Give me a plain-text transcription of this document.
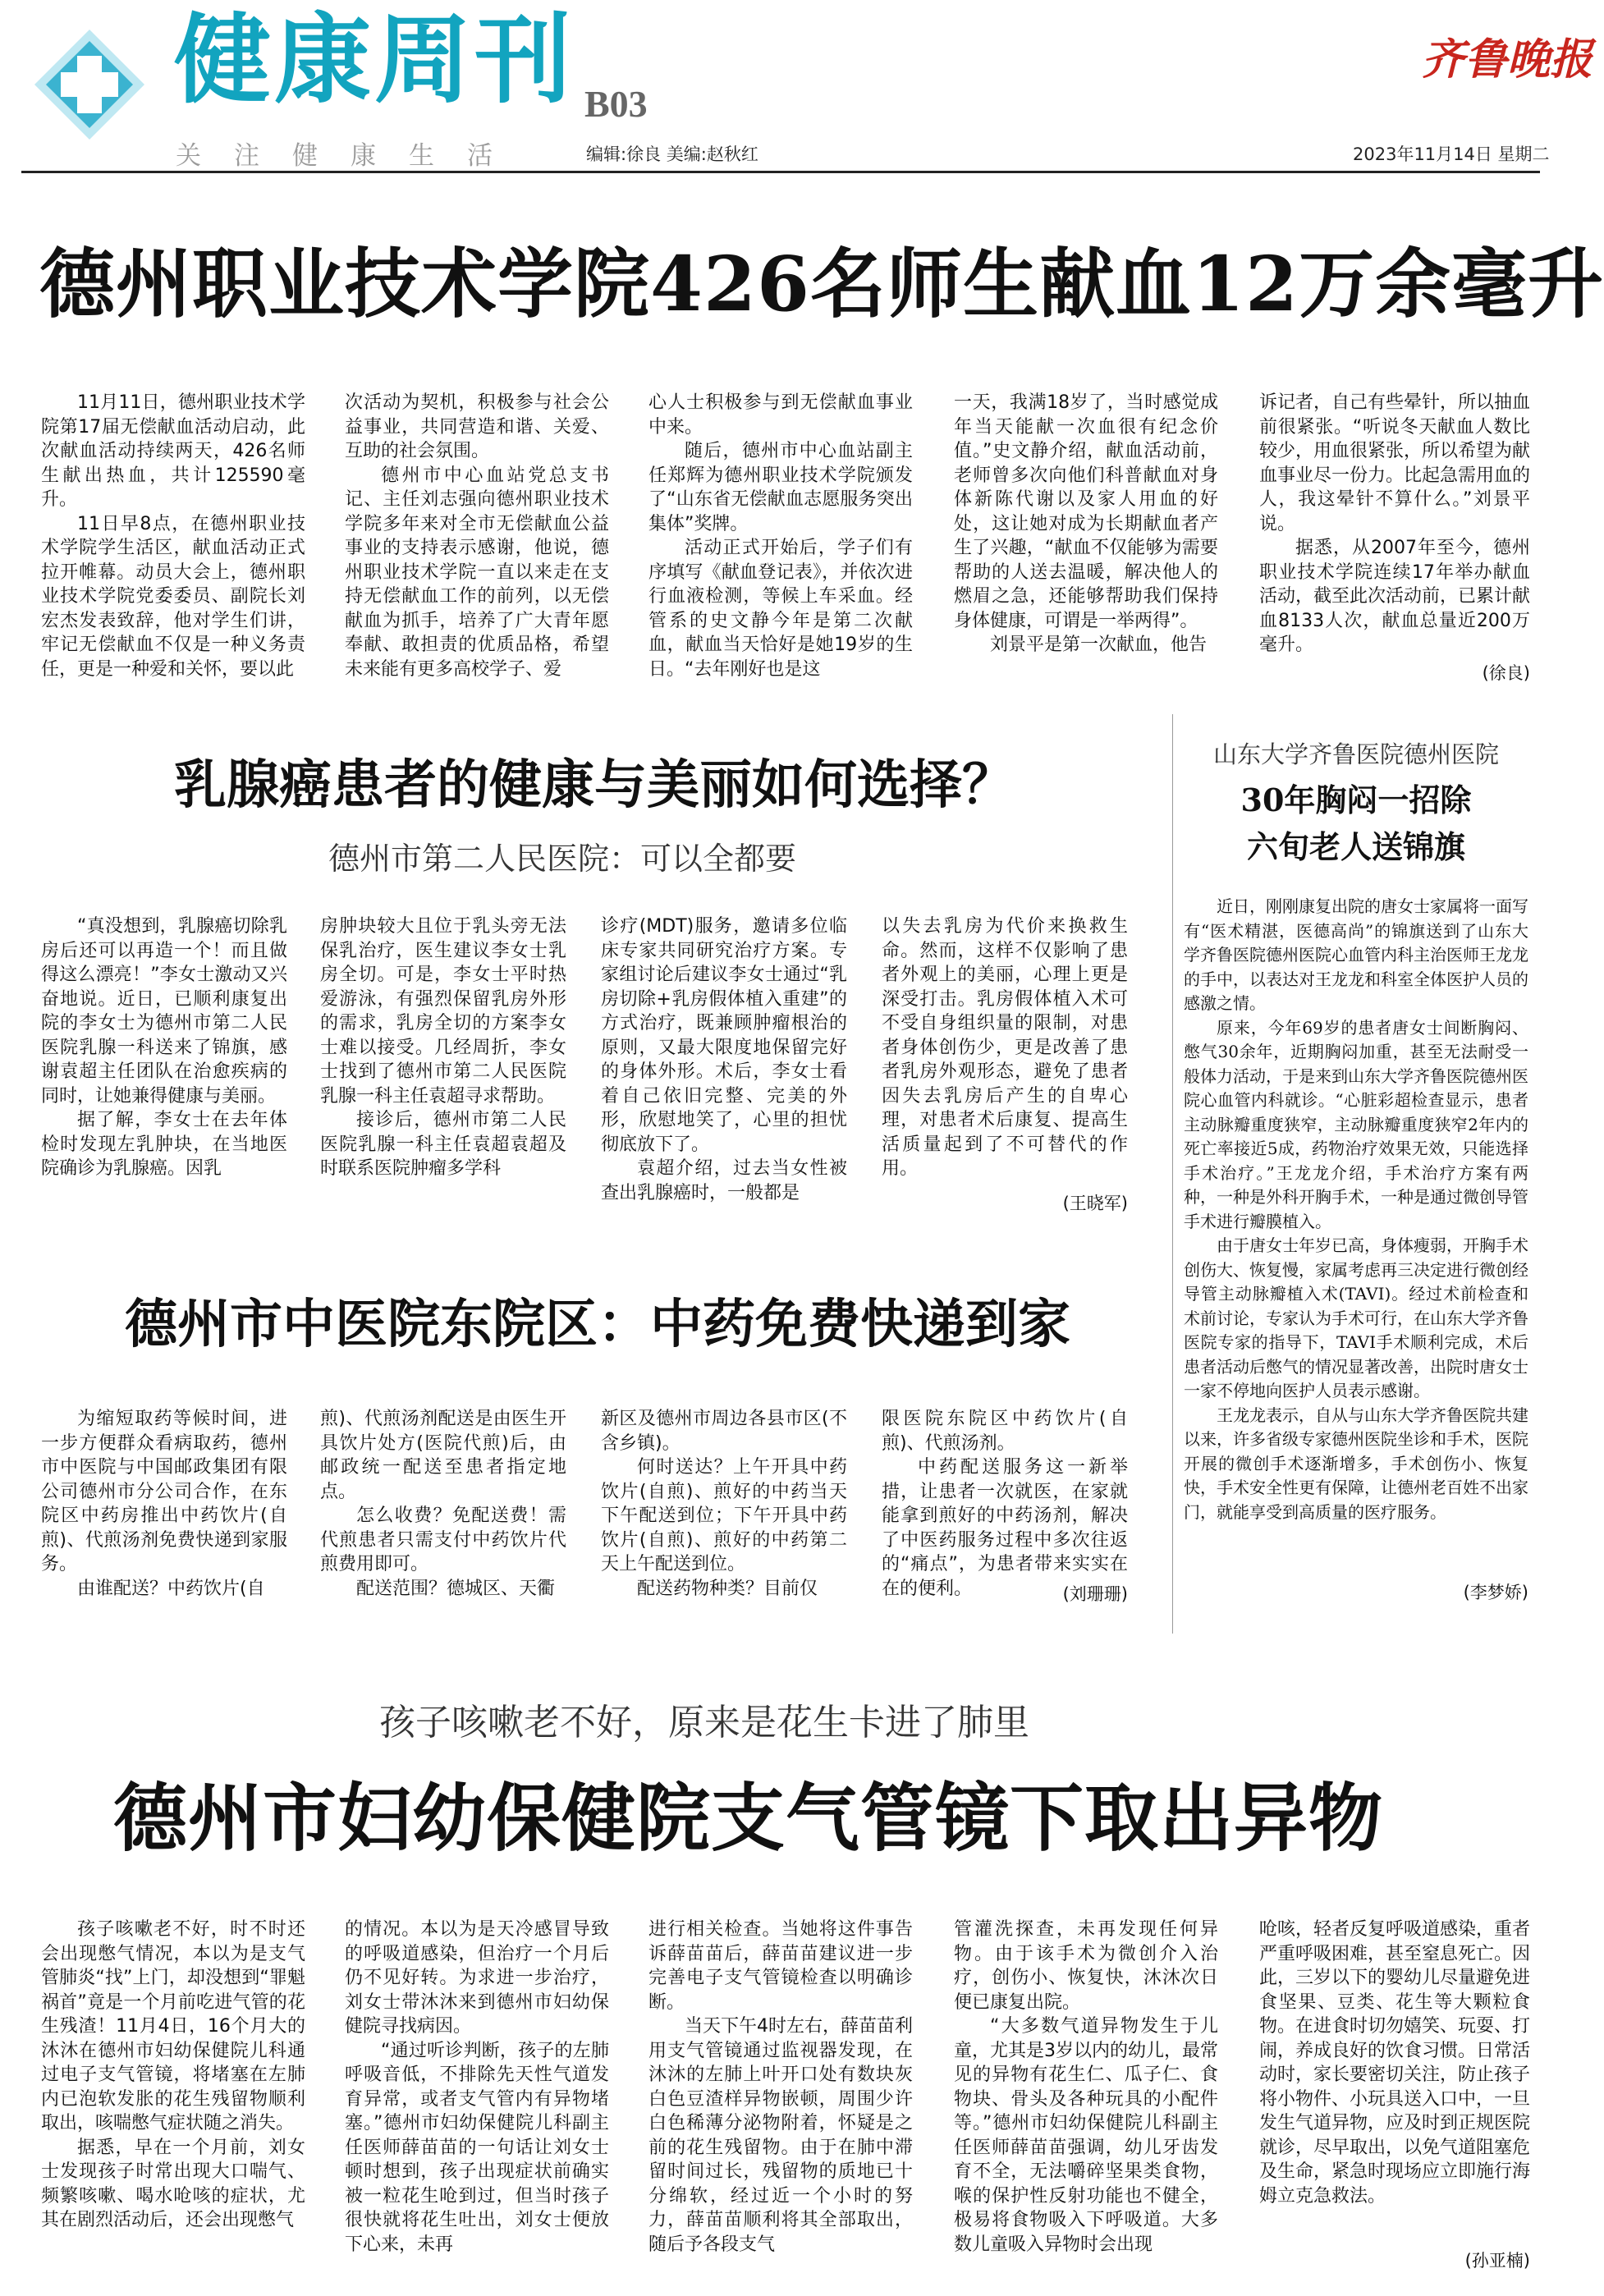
健康周刊 B03
关注健康生活	编辑:徐良 美编:赵秋红
齐鲁晚报
2023年11月14日 星期二
德州职业技术学院426名师生献血12万余毫升

11月11日，德州职业技术学院第17届无偿献血活动启动，此次献血活动持续两天，426名师生献出热血，共计125590毫升。

11日早8点，在德州职业技术学院学生活区，献血活动正式拉开帷幕。动员大会上，德州职业技术学院党委委员、副院长刘宏杰发表致辞，他对学生们讲，牢记无偿献血不仅是一种义务责任，更是一种爱和关怀，要以此

次活动为契机，积极参与社会公益事业，共同营造和谐、关爱、互助的社会氛围。

德州市中心血站党总支书记、主任刘志强向德州职业技术学院多年来对全市无偿献血公益事业的支持表示感谢，他说，德州职业技术学院一直以来走在支持无偿献血工作的前列，以无偿献血为抓手，培养了广大青年愿奉献、敢担责的优质品格，希望未来能有更多高校学子、爱

心人士积极参与到无偿献血事业中来。

随后，德州市中心血站副主任郑辉为德州职业技术学院颁发了“山东省无偿献血志愿服务突出集体”奖牌。

活动正式开始后，学子们有序填写《献血登记表》，并依次进行血液检测，等候上车采血。经管系的史文静今年是第二次献血，献血当天恰好是她19岁的生日。“去年刚好也是这

一天，我满18岁了，当时感觉成年当天能献一次血很有纪念价值。”史文静介绍，献血活动前，老师曾多次向他们科普献血对身体新陈代谢以及家人用血的好处，这让她对成为长期献血者产生了兴趣，“献血不仅能够为需要帮助的人送去温暖，解决他人的燃眉之急，还能够帮助我们保持身体健康，可谓是一举两得”。

刘景平是第一次献血，他告

诉记者，自己有些晕针，所以抽血前很紧张。“听说冬天献血人数比较少，用血很紧张，所以希望为献血事业尽一份力。比起急需用血的人，我这晕针不算什么。”刘景平说。

据悉，从2007年至今，德州职业技术学院连续17年举办献血活动，截至此次活动前，已累计献血8133人次，献血总量近200万毫升。

(徐良)
乳腺癌患者的健康与美丽如何选择？
德州市第二人民医院：可以全都要

“真没想到，乳腺癌切除乳房后还可以再造一个！而且做得这么漂亮！”李女士激动又兴奋地说。近日，已顺利康复出院的李女士为德州市第二人民医院乳腺一科送来了锦旗，感谢袁超主任团队在治愈疾病的同时，让她兼得健康与美丽。

据了解，李女士在去年体检时发现左乳肿块，在当地医院确诊为乳腺癌。因乳

房肿块较大且位于乳头旁无法保乳治疗，医生建议李女士乳房全切。可是，李女士平时热爱游泳，有强烈保留乳房外形的需求，乳房全切的方案李女士难以接受。几经周折，李女士找到了德州市第二人民医院乳腺一科主任袁超寻求帮助。

接诊后，德州市第二人民医院乳腺一科主任袁超袁超及时联系医院肿瘤多学科

诊疗(MDT)服务，邀请多位临床专家共同研究治疗方案。专家组讨论后建议李女士通过“乳房切除+乳房假体植入重建”的方式治疗，既兼顾肿瘤根治的原则，又最大限度地保留完好的身体外形。术后，李女士看着自己依旧完整、完美的外形，欣慰地笑了，心里的担忧彻底放下了。

袁超介绍，过去当女性被查出乳腺癌时，一般都是

以失去乳房为代价来换救生命。然而，这样不仅影响了患者外观上的美丽，心理上更是深受打击。乳房假体植入术可不受自身组织量的限制，对患者身体创伤少，更是改善了患者乳房外观形态，避免了患者因失去乳房后产生的自卑心理，对患者术后康复、提高生活质量起到了不可替代的作用。

(王晓军)
山东大学齐鲁医院德州医院
30年胸闷一招除
六旬老人送锦旗

近日，刚刚康复出院的唐女士家属将一面写有“医术精湛，医德高尚”的锦旗送到了山东大学齐鲁医院德州医院心血管内科主治医师王龙龙的手中，以表达对王龙龙和科室全体医护人员的感激之情。

原来，今年69岁的患者唐女士间断胸闷、憋气30余年，近期胸闷加重，甚至无法耐受一般体力活动，于是来到山东大学齐鲁医院德州医院心血管内科就诊。“心脏彩超检查显示，患者主动脉瓣重度狭窄，主动脉瓣重度狭窄2年内的死亡率接近5成，药物治疗效果无效，只能选择手术治疗。”王龙龙介绍，手术治疗方案有两种，一种是外科开胸手术，一种是通过微创导管手术进行瓣膜植入。

由于唐女士年岁已高，身体瘦弱，开胸手术创伤大、恢复慢，家属考虑再三决定进行微创经导管主动脉瓣植入术(TAVI)。经过术前检查和术前讨论，专家认为手术可行，在山东大学齐鲁医院专家的指导下，TAVI手术顺利完成，术后患者活动后憋气的情况显著改善，出院时唐女士一家不停地向医护人员表示感谢。

王龙龙表示，自从与山东大学齐鲁医院共建以来，许多省级专家德州医院坐诊和手术，医院开展的微创手术逐渐增多，手术创伤小、恢复快，手术安全性更有保障，让德州老百姓不出家门，就能享受到高质量的医疗服务。

(李梦娇)
德州市中医院东院区：中药免费快递到家

为缩短取药等候时间，进一步方便群众看病取药，德州市中医院与中国邮政集团有限公司德州市分公司合作，在东院区中药房推出中药饮片(自煎)、代煎汤剂免费快递到家服务。

由谁配送？中药饮片(自

煎)、代煎汤剂配送是由医生开具饮片处方(医院代煎)后，由邮政统一配送至患者指定地点。

怎么收费？免配送费！需代煎患者只需支付中药饮片代煎费用即可。

配送范围？德城区、天衢

新区及德州市周边各县市区(不含乡镇)。

何时送达？上午开具中药饮片(自煎)、煎好的中药当天下午配送到位；下午开具中药饮片(自煎)、煎好的中药第二天上午配送到位。

配送药物种类？目前仅

限医院东院区中药饮片(自煎)、代煎汤剂。

中药配送服务这一新举措，让患者一次就医，在家就能拿到煎好的中药汤剂，解决了中医药服务过程中多次往返的“痛点”，为患者带来实实在在的便利。	(刘珊珊)
孩子咳嗽老不好，原来是花生卡进了肺里
德州市妇幼保健院支气管镜下取出异物

孩子咳嗽老不好，时不时还会出现憋气情况，本以为是支气管肺炎“找”上门，却没想到“罪魁祸首”竟是一个月前吃进气管的花生残渣！11月4日，16个月大的沐沐在德州市妇幼保健院儿科通过电子支气管镜，将堵塞在左肺内已泡软发胀的花生残留物顺利取出，咳喘憋气症状随之消失。

据悉，早在一个月前，刘女士发现孩子时常出现大口喘气、频繁咳嗽、喝水呛咳的症状，尤其在剧烈活动后，还会出现憋气

的情况。本以为是天冷感冒导致的呼吸道感染，但治疗一个月后仍不见好转。为求进一步治疗，刘女士带沐沐来到德州市妇幼保健院寻找病因。

“通过听诊判断，孩子的左肺呼吸音低，不排除先天性气道发育异常，或者支气管内有异物堵塞。”德州市妇幼保健院儿科副主任医师薛苗苗的一句话让刘女士顿时想到，孩子出现症状前确实被一粒花生呛到过，但当时孩子很快就将花生吐出，刘女士便放下心来，未再

进行相关检查。当她将这件事告诉薛苗苗后，薛苗苗建议进一步完善电子支气管镜检查以明确诊断。

当天下午4时左右，薛苗苗利用支气管镜通过监视器发现，在沐沐的左肺上叶开口处有数块灰白色豆渣样异物嵌顿，周围少许白色稀薄分泌物附着，怀疑是之前的花生残留物。由于在肺中滞留时间过长，残留物的质地已十分绵软，经过近一个小时的努力，薛苗苗顺利将其全部取出，随后予各段支气

管灌洗探查，未再发现任何异物。由于该手术为微创介入治疗，创伤小、恢复快，沐沐次日便已康复出院。

“大多数气道异物发生于儿童，尤其是3岁以内的幼儿，最常见的异物有花生仁、瓜子仁、食物块、骨头及各种玩具的小配件等。”德州市妇幼保健院儿科副主任医师薛苗苗强调，幼儿牙齿发育不全，无法嚼碎坚果类食物，喉的保护性反射功能也不健全，极易将食物吸入下呼吸道。大多数儿童吸入异物时会出现

呛咳，轻者反复呼吸道感染，重者严重呼吸困难，甚至窒息死亡。因此，三岁以下的婴幼儿尽量避免进食坚果、豆类、花生等大颗粒食物。在进食时切勿嬉笑、玩耍、打闹，养成良好的饮食习惯。日常活动时，家长要密切关注，防止孩子将小物件、小玩具送入口中，一旦发生气道异物，应及时到正规医院就诊，尽早取出，以免气道阻塞危及生命，紧急时现场应立即施行海姆立克急救法。

(孙亚楠)
